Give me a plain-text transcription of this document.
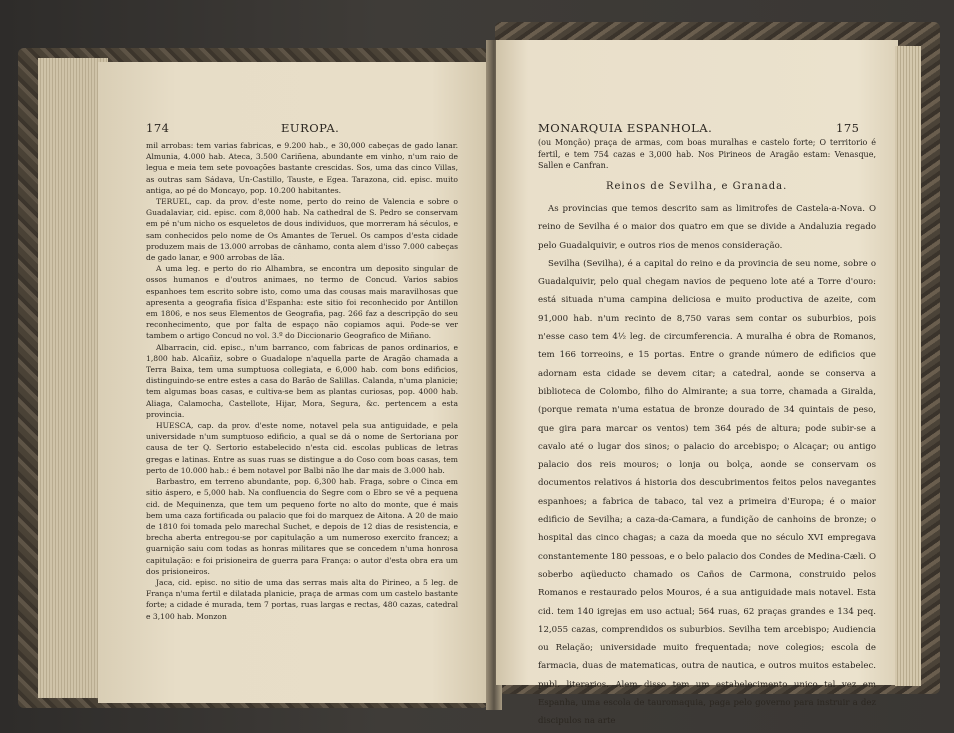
174	EUROPA.

mil arrobas: tem varias fabricas, e 9.200 hab., e 30,000 cabeças de gado lanar. Almunia, 4.000 hab. Ateca, 3.500 Cariñena, abundante em vinho, n'um raio de legua e meia tem sete povoações bastante crescidas. Sos, uma das cinco Villas, as outras sam Sádava, Un-Castillo, Tauste, e Egea. Tarazona, cid. episc. muito antiga, ao pé do Moncayo, pop. 10.200 habitantes.

TERUEL, cap. da prov. d'este nome, perto do reino de Valencia e sobre o Guadalaviar, cid. episc. com 8,000 hab. Na cathedral de S. Pedro se conservam em pé n'um nicho os esqueletos de dous individuos, que morreram há séculos, e sam conhecidos pelo nome de Os Amantes de Teruel. Os campos d'esta cidade produzem mais de 13.000 arrobas de cânhamo, conta alem d'isso 7.000 cabeças de gado lanar, e 900 arrobas de lãa.

A uma leg. e perto do rio Alhambra, se encontra um deposito singular de ossos humanos e d'outros animaes, no termo de Concud. Varios sabios espanhoes tem escrito sobre isto, como uma das cousas mais maravilhosas que apresenta a geografia física d'Espanha: este sitio foi reconhecido por Antillon em 1806, e nos seus Elementos de Geografia, pag. 266 faz a descripção do seu reconhecimento, que por falta de espaço não copiamos aqui. Pode-se ver tambem o artigo Concud no vol. 3.º do Diccionario Geografico de Miñano.

Albarracin, cid. episc., n'um barranco, com fabricas de panos ordinarios, e 1,800 hab. Alcañiz, sobre o Guadalope n'aquella parte de Aragão chamada a Terra Baixa, tem uma sumptuosa collegiata, e 6,000 hab. com bons edificios, distinguindo-se entre estes a casa do Barão de Salillas. Calanda, n'uma planicie; tem algumas boas casas, e cultiva-se bem as plantas curiosas, pop. 4000 hab. Aliaga, Calamocha, Castellote, Hijar, Mora, Segura, &c. pertencem a esta provincia.

HUESCA, cap. da prov. d'este nome, notavel pela sua antiguidade, e pela universidade n'um sumptuoso edificio, a qual se dá o nome de Sertoriana por causa de ter Q. Sertorio estabelecido n'esta cid. escolas publicas de letras gregas e latinas. Entre as suas ruas se distingue a do Coso com boas casas, tem perto de 10.000 hab.: é bem notavel por Balbi não lhe dar mais de 3.000 hab.

Barbastro, em terreno abundante, pop. 6,300 hab. Fraga, sobre o Cinca em sitio áspero, e 5,000 hab. Na confluencia do Segre com o Ebro se vê a pequena cid. de Mequinenza, que tem um pequeno forte no alto do monte, que é mais bem uma caza fortificada ou palacio que foi do marquez de Aitona. A 20 de maio de 1810 foi tomada pelo marechal Suchet, e depois de 12 dias de resistencia, e brecha aberta entregou-se por capitulação a um numeroso exercito francez; a guarnição saiu com todas as honras militares que se concedem n'uma honrosa capitulação: e foi prisioneira de guerra para França: o autor d'esta obra era um dos prisioneiros.

Jaca, cid. episc. no sitio de uma das serras mais alta do Pirineo, a 5 leg. de França n'uma fertil e dilatada planicie, praça de armas com um castelo bastante forte; a cidade é murada, tem 7 portas, ruas largas e rectas, 480 cazas, catedral e 3,100 hab. Monzon

MONARQUIA ESPANHOLA.	175

(ou Monção) praça de armas, com boas muralhas e castelo forte; O territorio é fertil, e tem 754 cazas e 3,000 hab. Nos Pirineos de Aragão estam: Venasque, Sallen e Canfran.

Reinos de Sevilha, e Granada.

As provincias que temos descrito sam as limitrofes de Castela-a-Nova. O reino de Sevilha é o maior dos quatro em que se divide a Andaluzia regado pelo Guadalquivir, e outros rios de menos consideração.

Sevilha (Sevilha), é a capital do reino e da provincia de seu nome, sobre o Guadalquivir, pelo qual chegam navios de pequeno lote até a Torre d'ouro: está situada n'uma campina deliciosa e muito productiva de azeite, com 91,000 hab. n'um recinto de 8,750 varas sem contar os suburbios, pois n'esse caso tem 4½ leg. de circumferencia. A muralha é obra de Romanos, tem 166 torreoins, e 15 portas. Entre o grande número de edificios que adornam esta cidade se devem citar; a catedral, aonde se conserva a biblioteca de Colombo, filho do Almirante; a sua torre, chamada a Giralda, (porque remata n'uma estatua de bronze dourado de 34 quintais de peso, que gira para marcar os ventos) tem 364 pés de altura; pode subir-se a cavalo até o lugar dos sinos; o palacio do arcebispo; o Alcaçar; ou antigo palacio dos reis mouros; o lonja ou bolça, aonde se conservam os documentos relativos á historia dos descubrimentos feitos pelos navegantes espanhoes; a fabrica de tabaco, tal vez a primeira d'Europa; é o maior edificio de Sevilha; a caza-da-Camara, a fundição de canhoins de bronze; o hospital das cinco chagas; a caza da moeda que no século XVI empregava constantemente 180 pessoas, e o belo palacio dos Condes de Medina-Cæli. O soberbo aqüeducto chamado os Caños de Carmona, construido pelos Romanos e restaurado pelos Mouros, é a sua antiguidade mais notavel. Esta cid. tem 140 igrejas em uso actual; 564 ruas, 62 praças grandes e 134 peq. 12,055 cazas, comprendidos os suburbios. Sevilha tem arcebispo; Audiencia ou Relação; universidade muito frequentada; nove colegios; escola de farmacia, duas de matematicas, outra de nautica, e outros muitos estabelec. publ. literarios. Alem disso tem um estabelecimento unico tal vez em Espanha, uma escola de tauromaquia, paga pelo governo para instruir a dez discipulos na arte
